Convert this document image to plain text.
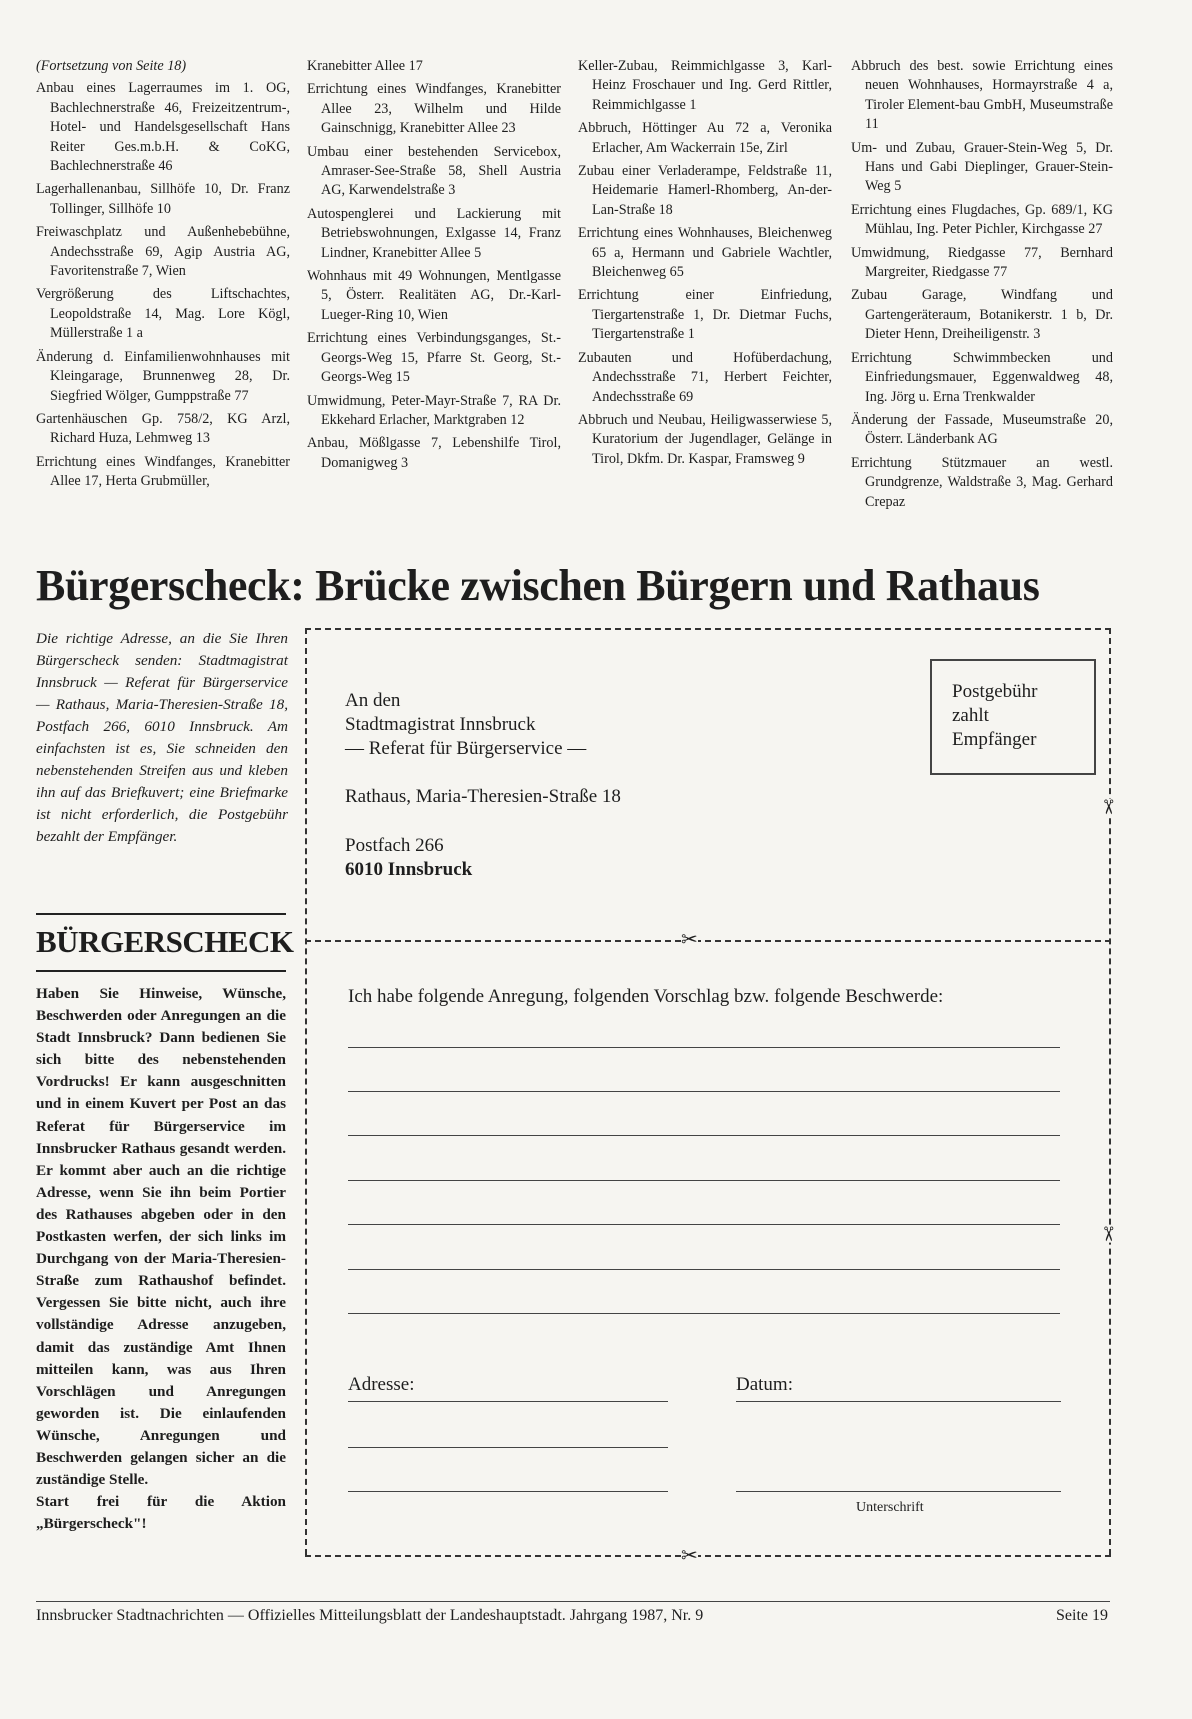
(Fortsetzung von Seite 18)
Anbau eines Lagerraumes im 1. OG, Bachlechnerstraße 46, Freizeitzentrum-, Hotel- und Handelsgesellschaft Hans Reiter Ges.m.b.H. & CoKG, Bachlechnerstraße 46
Lagerhallenanbau, Sillhöfe 10, Dr. Franz Tollinger, Sillhöfe 10
Freiwaschplatz und Außenhebebühne, Andechsstraße 69, Agip Austria AG, Favoritenstraße 7, Wien
Vergrößerung des Liftschachtes, Leopoldstraße 14, Mag. Lore Kögl, Müllerstraße 1 a
Änderung d. Einfamilienwohnhauses mit Kleingarage, Brunnenweg 28, Dr. Siegfried Wölger, Gumppstraße 77
Gartenhäuschen Gp. 758/2, KG Arzl, Richard Huza, Lehmweg 13
Errichtung eines Windfanges, Kranebitter Allee 17, Herta Grubmüller,
Kranebitter Allee 17
Errichtung eines Windfanges, Kranebitter Allee 23, Wilhelm und Hilde Gainschnigg, Kranebitter Allee 23
Umbau einer bestehenden Servicebox, Amraser-See-Straße 58, Shell Austria AG, Karwendelstraße 3
Autospenglerei und Lackierung mit Betriebswohnungen, Exlgasse 14, Franz Lindner, Kranebitter Allee 5
Wohnhaus mit 49 Wohnungen, Mentlgasse 5, Österr. Realitäten AG, Dr.-Karl-Lueger-Ring 10, Wien
Errichtung eines Verbindungsganges, St.-Georgs-Weg 15, Pfarre St. Georg, St.-Georgs-Weg 15
Umwidmung, Peter-Mayr-Straße 7, RA Dr. Ekkehard Erlacher, Marktgraben 12
Anbau, Mößlgasse 7, Lebenshilfe Tirol, Domanigweg 3
Keller-Zubau, Reimmichlgasse 3, Karl-Heinz Froschauer und Ing. Gerd Rittler, Reimmichlgasse 1
Abbruch, Höttinger Au 72 a, Veronika Erlacher, Am Wackerrain 15e, Zirl
Zubau einer Verladerampe, Feldstraße 11, Heidemarie Hamerl-Rhomberg, An-der-Lan-Straße 18
Errichtung eines Wohnhauses, Bleichenweg 65 a, Hermann und Gabriele Wachtler, Bleichenweg 65
Errichtung einer Einfriedung, Tiergartenstraße 1, Dr. Dietmar Fuchs, Tiergartenstraße 1
Zubauten und Hofüberdachung, Andechsstraße 71, Herbert Feichter, Andechsstraße 69
Abbruch und Neubau, Heiligwasserwiese 5, Kuratorium der Jugendlager, Gelänge in Tirol, Dkfm. Dr. Kaspar, Framsweg 9
Abbruch des best. sowie Errichtung eines neuen Wohnhauses, Hormayrstraße 4 a, Tiroler Element-bau GmbH, Museumstraße 11
Um- und Zubau, Grauer-Stein-Weg 5, Dr. Hans und Gabi Dieplinger, Grauer-Stein-Weg 5
Errichtung eines Flugdaches, Gp. 689/1, KG Mühlau, Ing. Peter Pichler, Kirchgasse 27
Umwidmung, Riedgasse 77, Bernhard Margreiter, Riedgasse 77
Zubau Garage, Windfang und Gartengeräteraum, Botanikerstr. 1 b, Dr. Dieter Henn, Dreiheiligenstr. 3
Errichtung Schwimmbecken und Einfriedungsmauer, Eggenwaldweg 48, Ing. Jörg u. Erna Trenkwalder
Änderung der Fassade, Museumstraße 20, Österr. Länderbank AG
Errichtung Stützmauer an westl. Grundgrenze, Waldstraße 3, Mag. Gerhard Crepaz
Bürgerscheck: Brücke zwischen Bürgern und Rathaus

Die richtige Adresse, an die Sie Ihren Bürgerscheck senden: Stadtmagistrat Innsbruck — Referat für Bürgerservice — Rathaus, Maria-Theresien-Straße 18, Postfach 266, 6010 Innsbruck. Am einfachsten ist es, Sie schneiden den nebenstehenden Streifen aus und kleben ihn auf das Briefkuvert; eine Briefmarke ist nicht erforderlich, die Postgebühr bezahlt der Empfänger.

BÜRGERSCHECK

Haben Sie Hinweise, Wünsche, Beschwerden oder Anregungen an die Stadt Innsbruck? Dann bedienen Sie sich bitte des nebenstehenden Vordrucks! Er kann ausgeschnitten und in einem Kuvert per Post an das Referat für Bürgerservice im Innsbrucker Rathaus gesandt werden. Er kommt aber auch an die richtige Adresse, wenn Sie ihn beim Portier des Rathauses abgeben oder in den Postkasten werfen, der sich links im Durchgang von der Maria-Theresien-Straße zum Rathaushof befindet. Vergessen Sie bitte nicht, auch ihre vollständige Adresse anzugeben, damit das zuständige Amt Ihnen mitteilen kann, was aus Ihren Vorschlägen und Anregungen geworden ist. Die einlaufenden Wünsche, Anregungen und Beschwerden gelangen sicher an die zuständige Stelle.

Start frei für die Aktion „Bürgerscheck"!

✂
✂
✂
✂
Postgebühr
zahlt
Empfänger
An den
Stadtmagistrat Innsbruck
— Referat für Bürgerservice —
Rathaus, Maria-Theresien-Straße 18
Postfach 266
6010 Innsbruck
Ich habe folgende Anregung, folgenden Vorschlag bzw. folgende Beschwerde:
Adresse:	Datum:
Unterschrift
Innsbrucker Stadtnachrichten — Offizielles Mitteilungsblatt der Landeshauptstadt. Jahrgang 1987, Nr. 9	Seite 19
